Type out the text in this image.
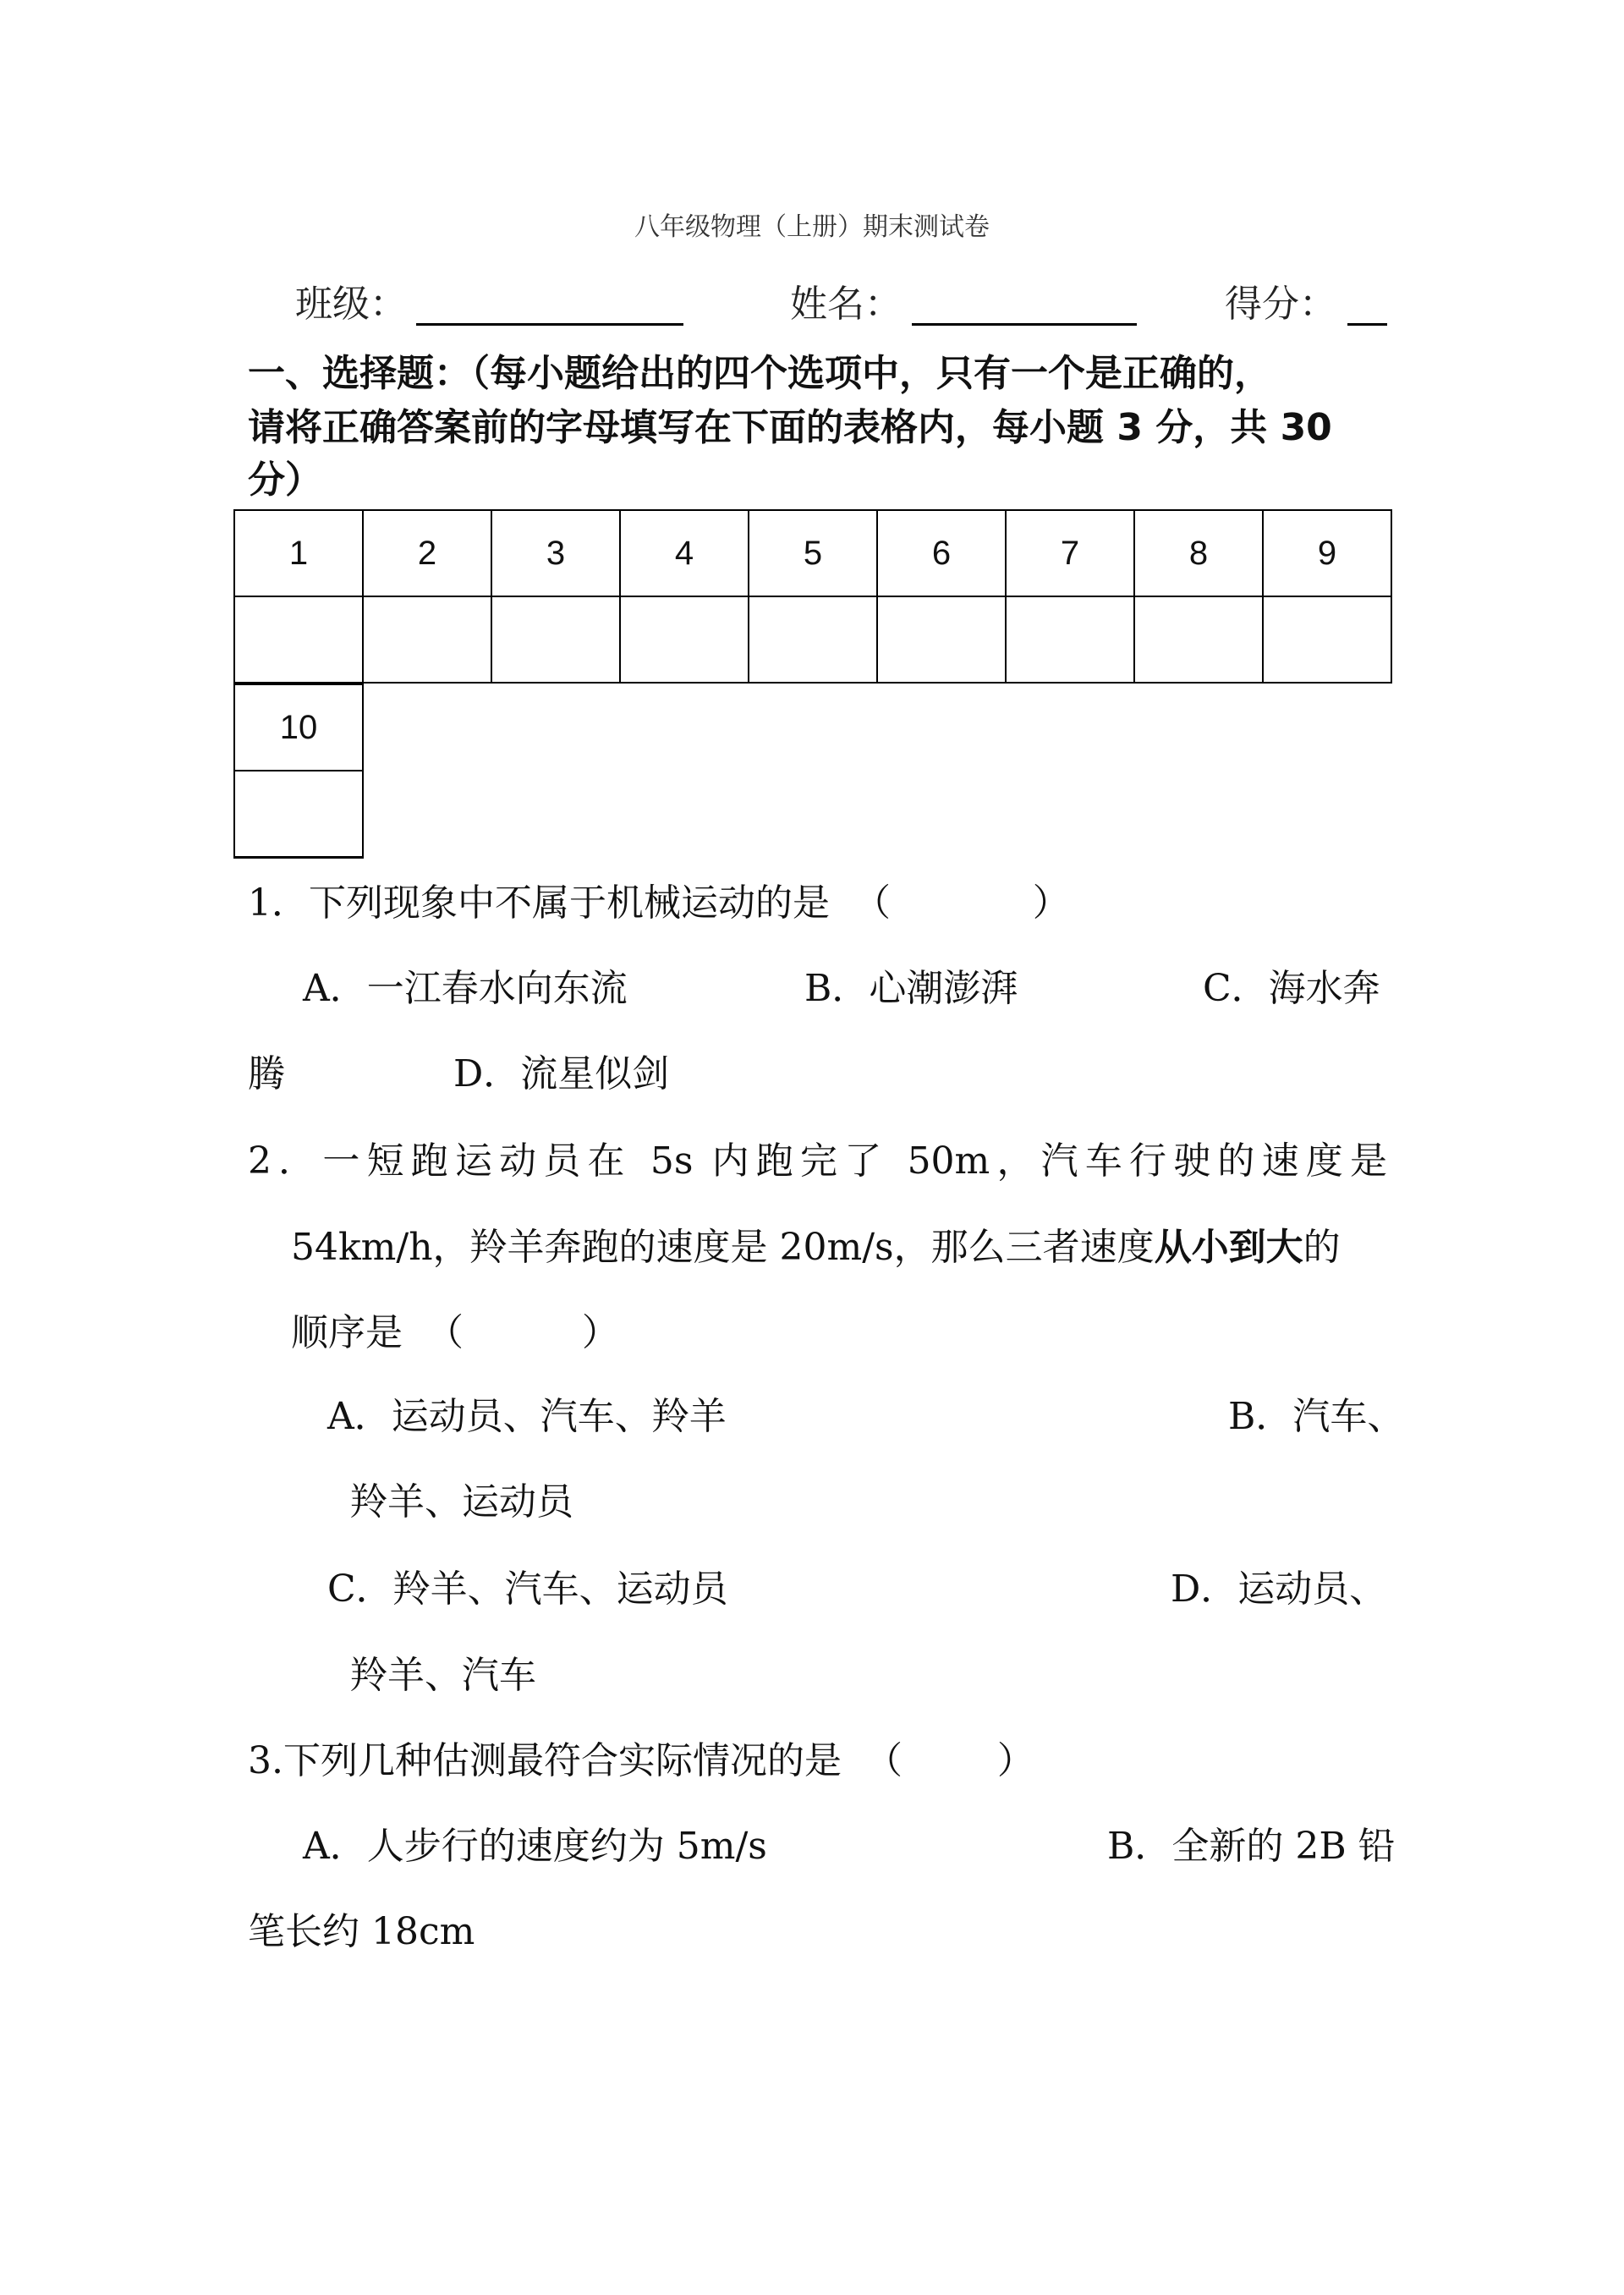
八年级物理（上册）期末测试卷
班级：	姓名：	得分：
一、选择题：（每小题给出的四个选项中，只有一个是正确的，
请将正确答案前的字母填写在下面的表格内，每小题 3 分，共 30
分）
1	2	3	4	5	6	7	8	9

10

1．下列现象中不属于机械运动的是  （            ）
A．一江春水向东流	B．心潮澎湃	C．海水奔
腾	D．流星似剑
2．一短跑运动员在 5s 内跑完了 50m，汽车行驶的速度是
54km/h，羚羊奔跑的速度是 20m/s，那么三者速度从小到大的
顺序是  （          ）
A．运动员、汽车、羚羊	B．汽车、
羚羊、运动员
C．羚羊、汽车、运动员	D．运动员、
羚羊、汽车
3.下列几种估测最符合实际情况的是  （        ）
A．人步行的速度约为 5m/s	B．全新的 2B 铅
笔长约 18cm
